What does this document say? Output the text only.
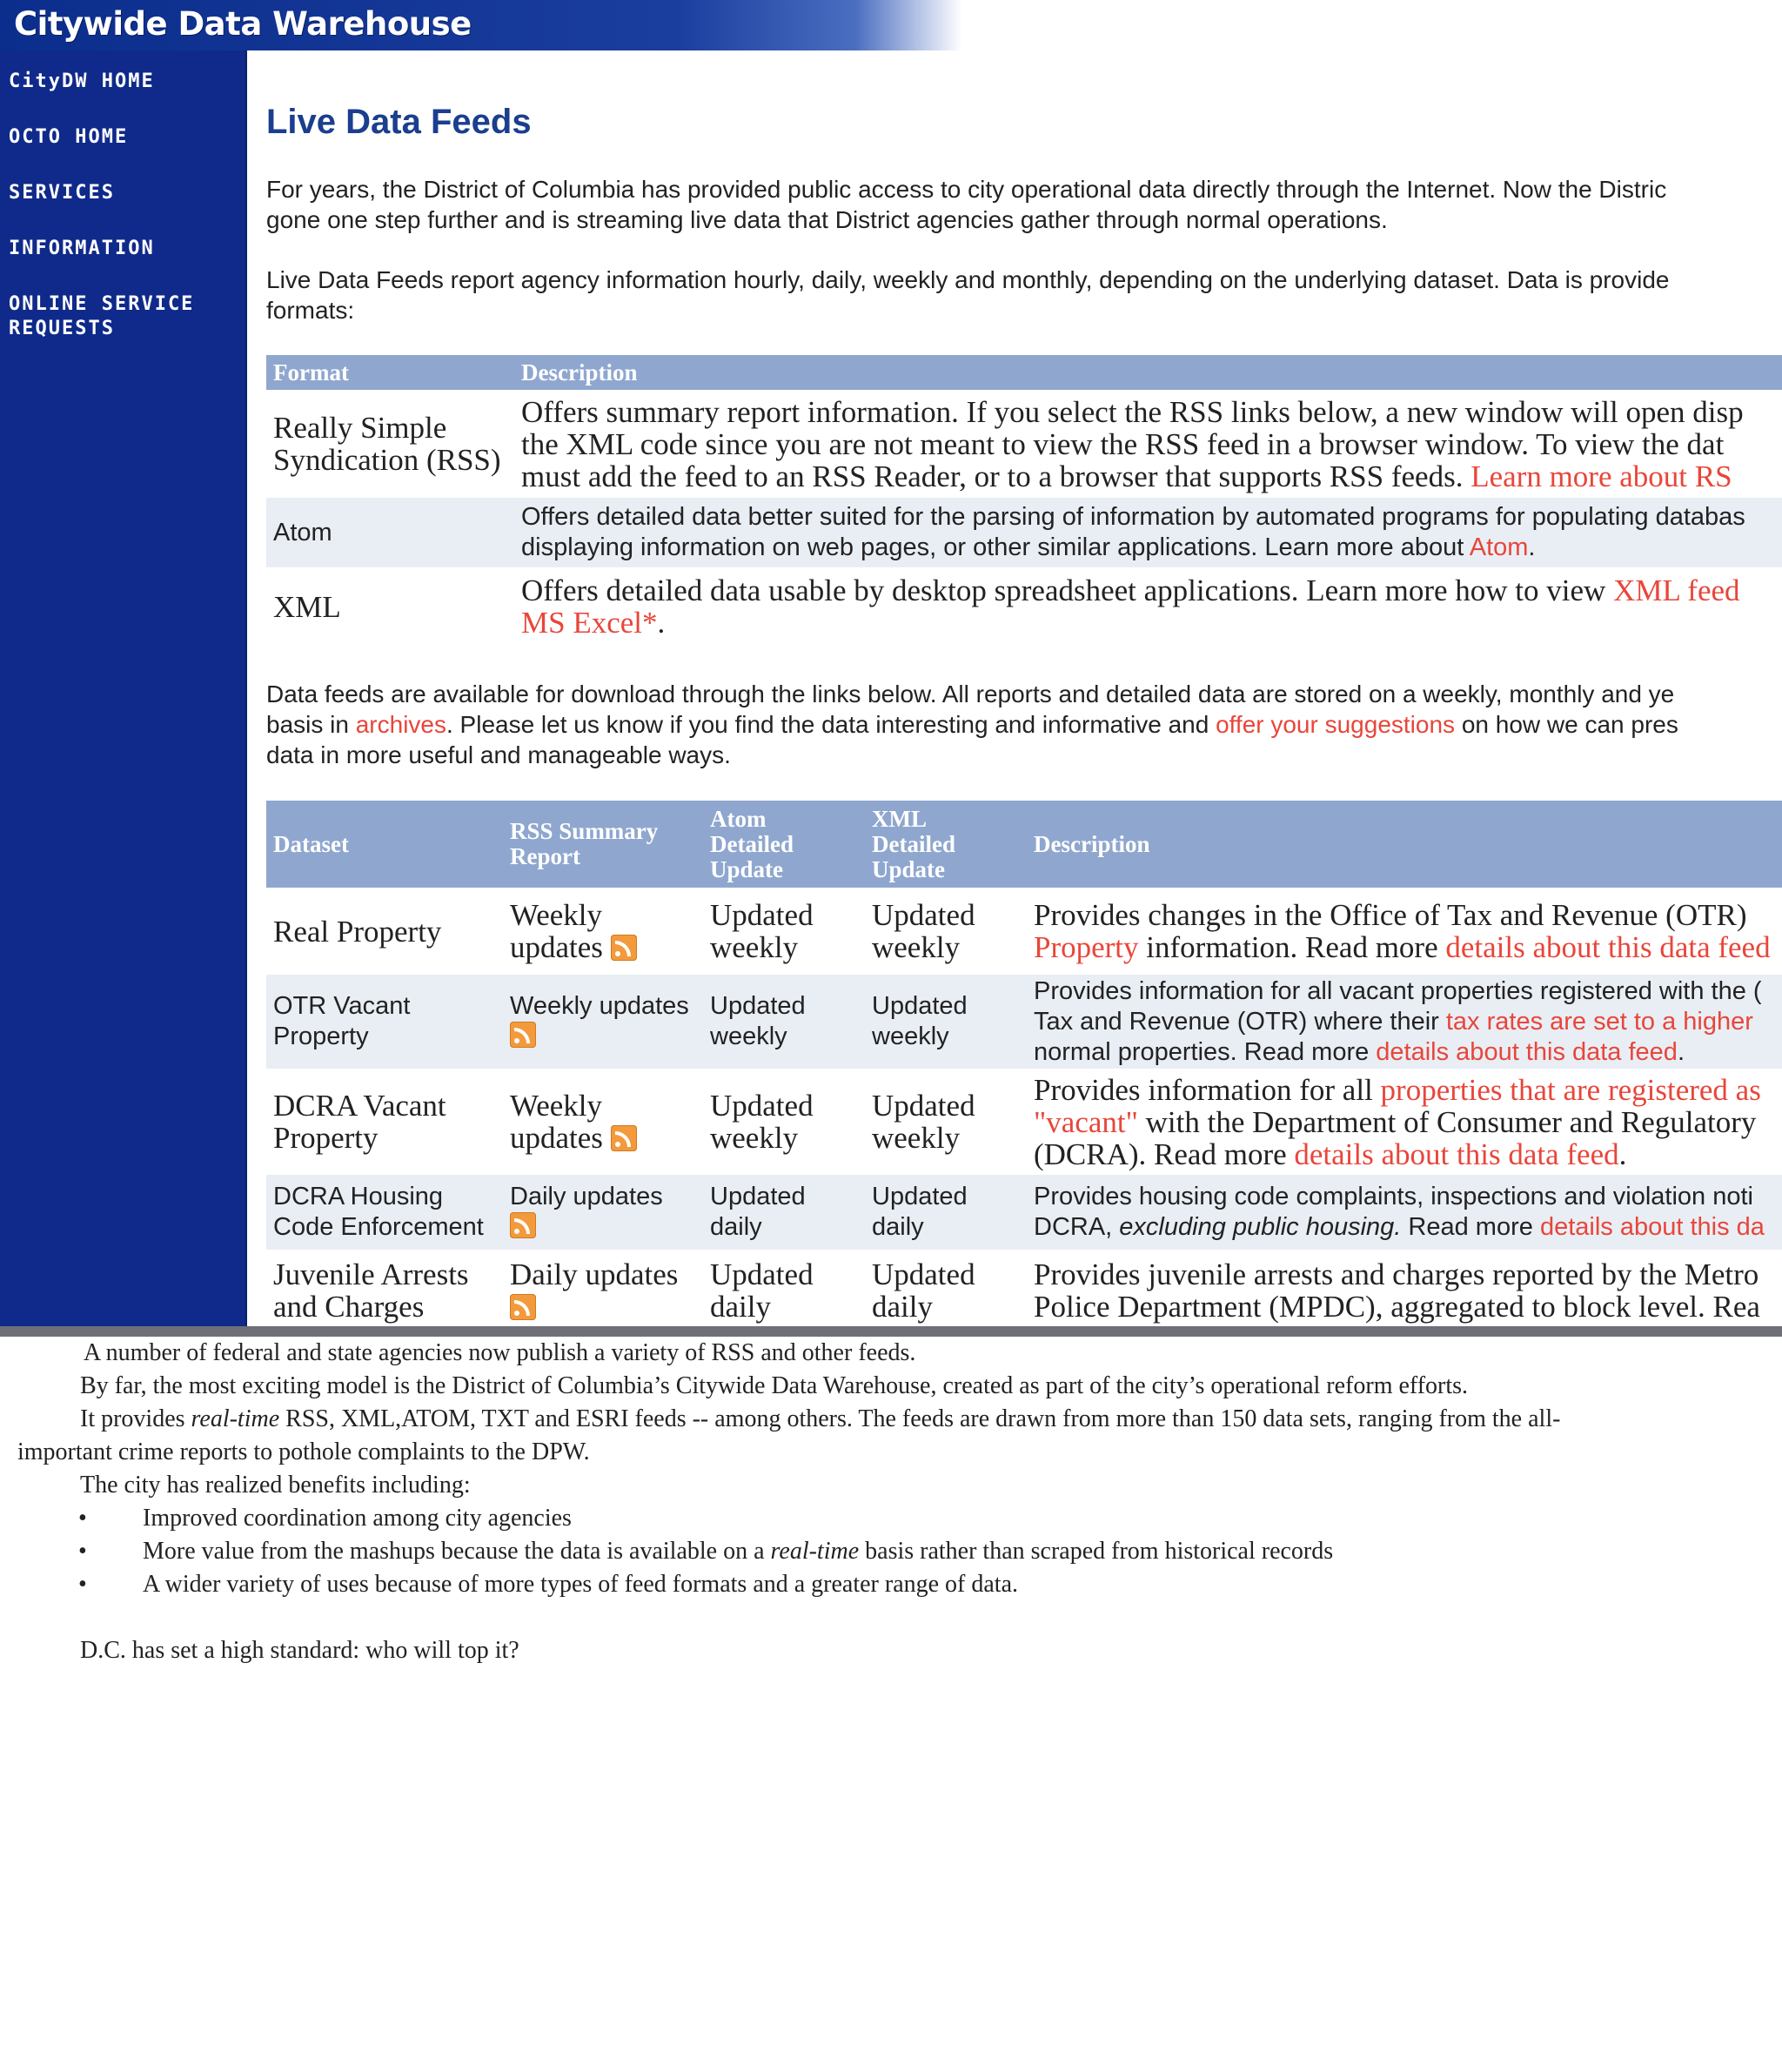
Citywide Data Warehouse
CityDW HOME
OCTO HOME
SERVICES
INFORMATION
ONLINE SERVICE
REQUESTS
Live Data Feeds
For years, the District of Columbia has provided public access to city operational data directly through the Internet. Now the Distric
gone one step further and is streaming live data that District agencies gather through normal operations.
Live Data Feeds report agency information hourly, daily, weekly and monthly, depending on the underlying dataset. Data is provide
formats:
Format	Description

Really Simple
Syndication (RSS)	Offers summary report information. If you select the RSS links below, a new window will open disp
the XML code since you are not meant to view the RSS feed in a browser window. To view the dat
must add the feed to an RSS Reader, or to a browser that supports RSS feeds. Learn more about RS

Atom	Offers detailed data better suited for the parsing of information by automated programs for populating databas
displaying information on web pages, or other similar applications. Learn more about Atom.

XML	Offers detailed data usable by desktop spreadsheet applications. Learn more how to view XML feed
MS Excel*.
Data feeds are available for download through the links below. All reports and detailed data are stored on a weekly, monthly and ye
basis in archives. Please let us know if you find the data interesting and informative and offer your suggestions on how we can pres
data in more useful and manageable ways.
Dataset	RSS Summary
Report	Atom
Detailed
Update	XML
Detailed
Update	Description

Real Property	Weekly
updates	Updated
weekly	Updated
weekly	Provides changes in the Office of Tax and Revenue (OTR)
Property information. Read more details about this data feed

OTR Vacant
Property	Weekly updates	Updated
weekly	Updated
weekly	Provides information for all vacant properties registered with the (
Tax and Revenue (OTR) where their tax rates are set to a higher
normal properties. Read more details about this data feed.

DCRA Vacant
Property	Weekly
updates	Updated
weekly	Updated
weekly	Provides information for all properties that are registered as
"vacant" with the Department of Consumer and Regulatory
(DCRA). Read more details about this data feed.

DCRA Housing
Code Enforcement	Daily updates	Updated
daily	Updated
daily	Provides housing code complaints, inspections and violation noti
DCRA, excluding public housing. Read more details about this da

Juvenile Arrests
and Charges	Daily updates	Updated
daily	Updated
daily	Provides juvenile arrests and charges reported by the Metro
Police Department (MPDC), aggregated to block level. Rea
A number of federal and state agencies now publish a variety of RSS and other feeds.
By far, the most exciting model is the District of Columbia’s Citywide Data Warehouse, created as part of the city’s operational reform efforts.
It provides real-time RSS, XML,ATOM, TXT and ESRI feeds -- among others. The feeds are drawn from more than 150 data sets, ranging from the all-
important crime reports to pothole complaints to the DPW.
The city has realized benefits including:
• Improved coordination among city agencies
• More value from the mashups because the data is available on a real-time basis rather than scraped from historical records
• A wider variety of uses because of more types of feed formats and a greater range of data.
D.C. has set a high standard: who will top it?
